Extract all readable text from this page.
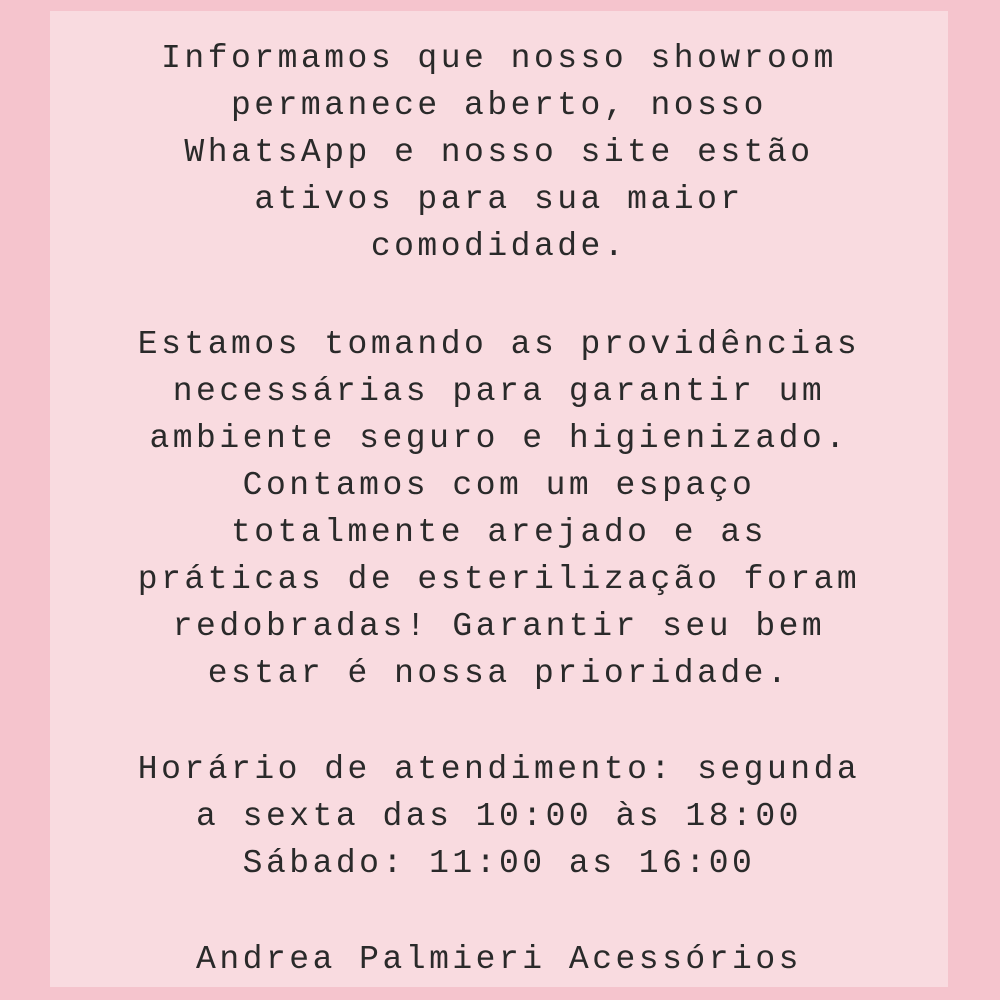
Informamos que nosso showroom
permanece aberto, nosso
WhatsApp e nosso site estão
ativos para sua maior
comodidade.
Estamos tomando as providências
necessárias para garantir um
ambiente seguro e higienizado.
Contamos com um espaço
totalmente arejado e as
práticas de esterilização foram
redobradas! Garantir seu bem
estar é nossa prioridade.
Horário de atendimento: segunda
a sexta das 10:00 às 18:00
Sábado: 11:00 as 16:00
Andrea Palmieri Acessórios
